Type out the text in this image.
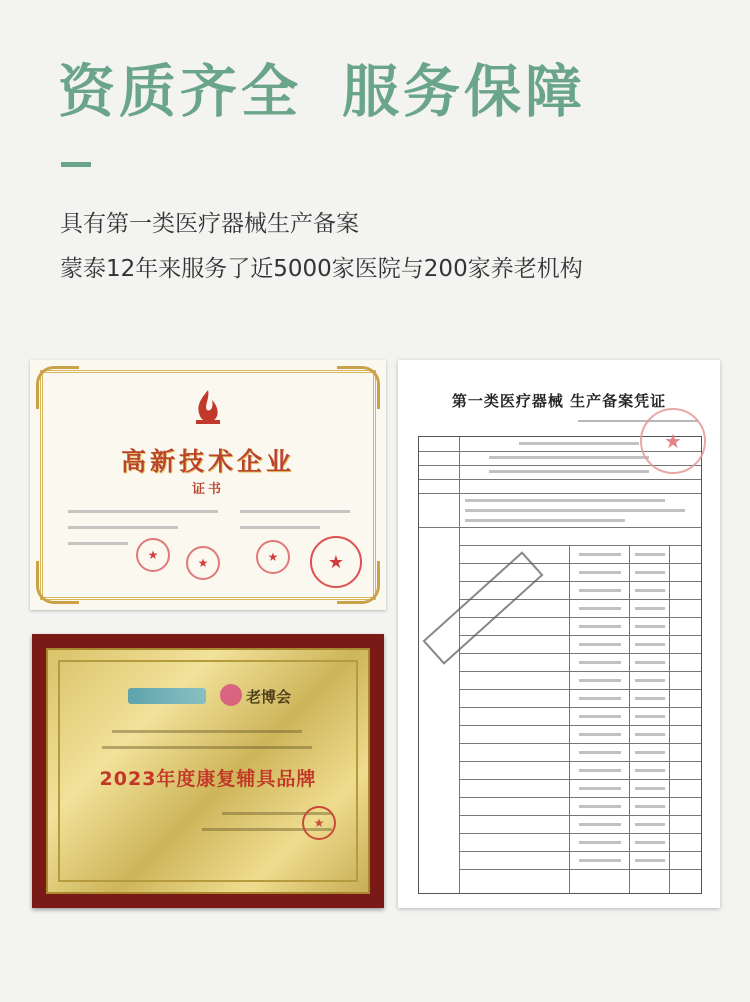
资质齐全 服务保障
具有第一类医疗器械生产备案
蒙泰12年来服务了近5000家医院与200家养老机构
高新技术企业
证书
★
★	★	★
老博会
2023年度康复辅具品牌
★
第一类医疗器械 生产备案凭证
★
